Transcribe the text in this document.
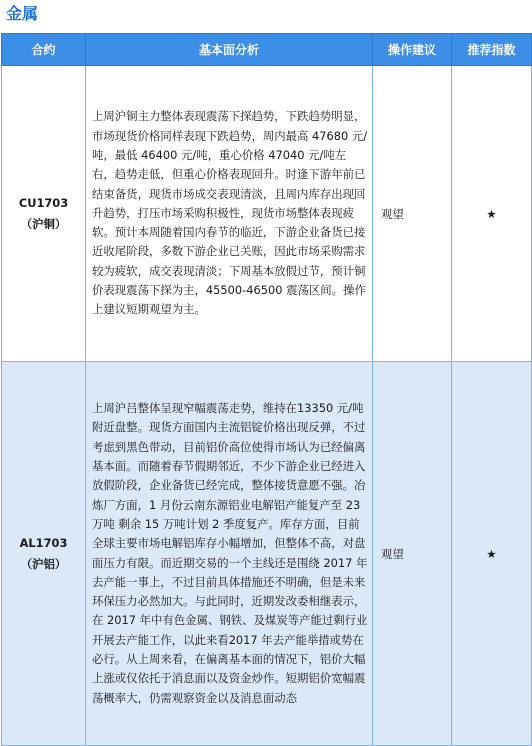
金属
合约	基本面分析	操作建议	推荐指数

CU1703
（沪铜）	上周沪铜主力整体表现震荡下探趋势，下跌趋势明显，市场现货价格同样表现下跌趋势，周内最高 47680 元/吨，最低 46400 元/吨，重心价格 47040 元/吨左右，趋势走低，但重心价格表现回升。时逢下游年前已结束备货，现货市场成交表现清淡，且周内库存出现回升趋势，打压市场采购积极性，现货市场整体表现疲软。预计本周随着国内春节的临近，下游企业备货已接近收尾阶段，多数下游企业已关账，因此市场采购需求较为疲软，成交表现清淡；下周基本放假过节，预计铜价表现震荡下探为主，45500-46500 震荡区间。操作上建议短期观望为主。	观望	★

AL1703
（沪铝）	上周沪吕整体呈现窄幅震荡走势，维持在13350 元/吨附近盘整。现货方面国内主流铝锭价格出现反弹，不过考虑到黑色带动，目前铝价高位使得市场认为已经偏离基本面。而随着春节假期邻近，不少下游企业已经进入放假阶段，企业备货已经完成，整体接货意愿不强。冶炼厂方面，1 月份云南东源铝业电解铝产能复产至 23 万吨 剩余 15 万吨计划 2 季度复产。库存方面，目前全球主要市场电解铝库存小幅增加，但整体不高，对盘面压力有限。而近期交易的一个主线还是围绕 2017 年去产能一事上，不过目前具体措施还不明确，但是未来环保压力必然加大。与此同时，近期发改委相继表示，在 2017 年中有色金属、钢铁、及煤炭等产能过剩行业开展去产能工作，以此来看2017 年去产能举措或势在必行。从上周来看，在偏离基本面的情况下，铝价大幅上涨或仅依托于消息面以及资金炒作。短期铝价宽幅震荡概率大，仍需观察资金以及消息面动态	观望	★
